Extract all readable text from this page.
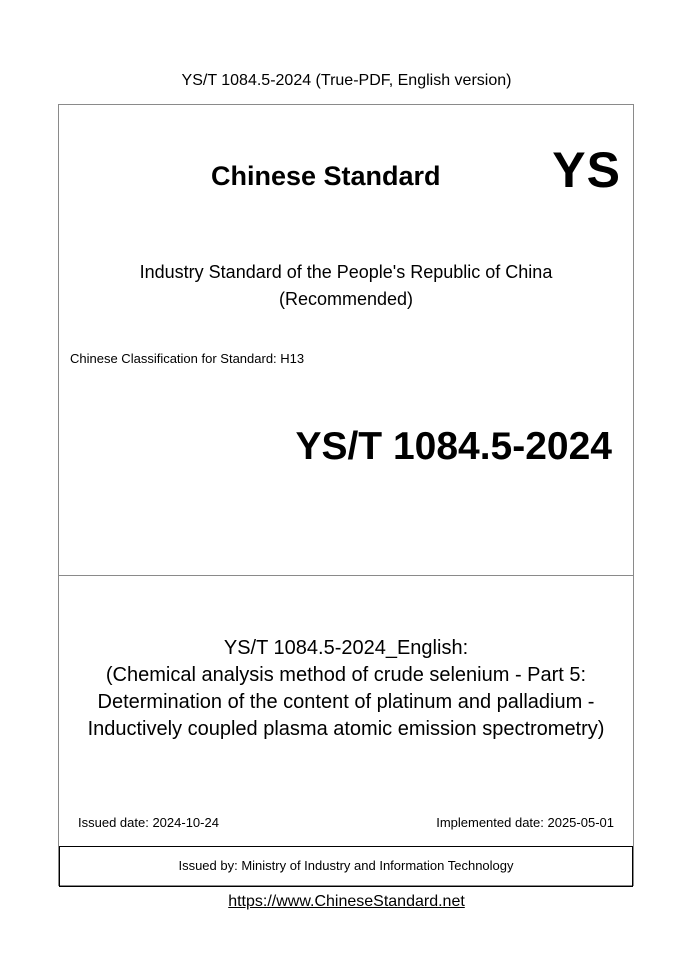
YS/T 1084.5-2024 (True-PDF, English version)
Chinese Standard YS
Industry Standard of the People's Republic of China
(Recommended)
Chinese Classification for Standard: H13
YS/T 1084.5-2024
YS/T 1084.5-2024_English:
(Chemical analysis method of crude selenium - Part 5:
Determination of the content of platinum and palladium -
Inductively coupled plasma atomic emission spectrometry)
Issued date: 2024-10-24	Implemented date: 2025-05-01
Issued by: Ministry of Industry and Information Technology
https://www.ChineseStandard.net
